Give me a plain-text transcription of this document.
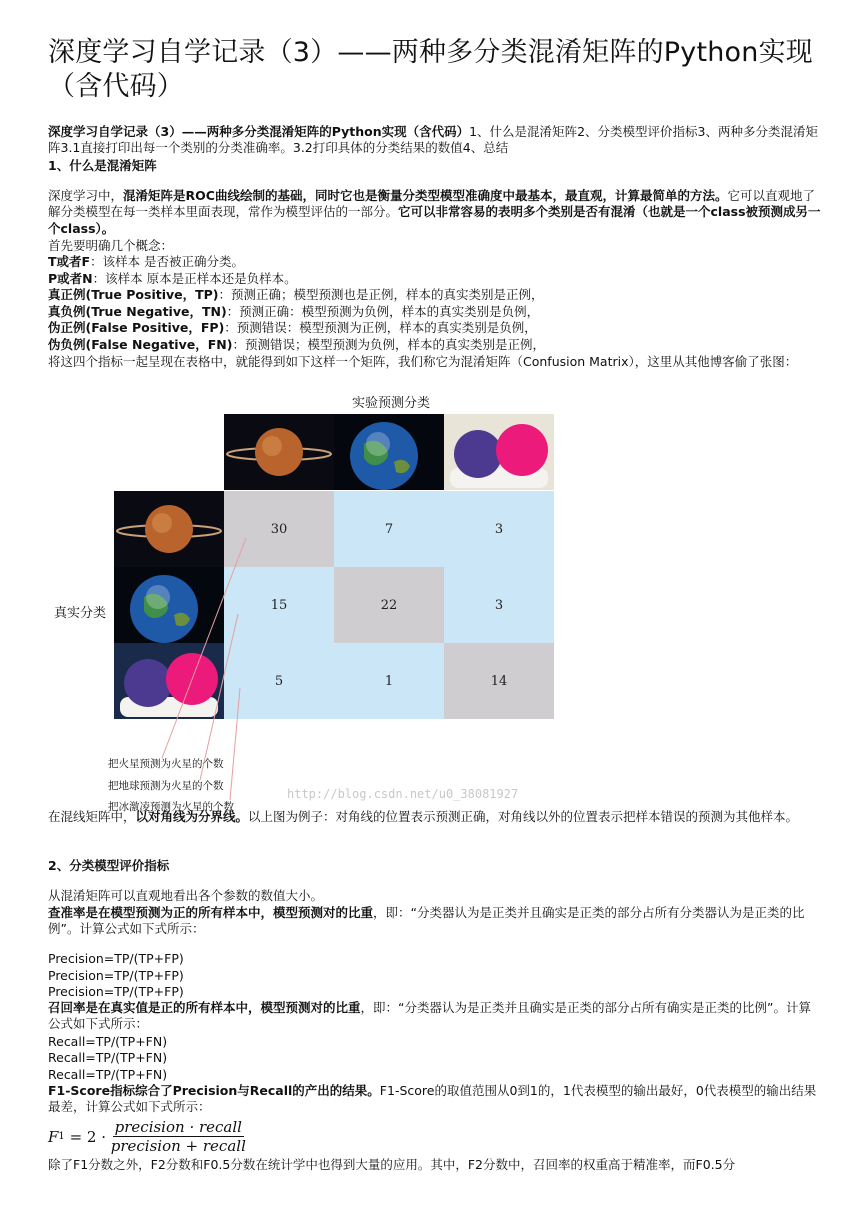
深度学习自学记录（3）——两种多分类混淆矩阵的Python实现（含代码）

深度学习自学记录（3）——两种多分类混淆矩阵的Python实现（含代码）1、什么是混淆矩阵2、分类模型评价指标3、两种多分类混淆矩阵3.1直接打印出每一个类别的分类准确率。3.2打印具体的分类结果的数值4、总结

1、什么是混淆矩阵

深度学习中，混淆矩阵是ROC曲线绘制的基础，同时它也是衡量分类型模型准确度中最基本，最直观，计算最简单的方法。它可以直观地了解分类模型在每一类样本里面表现，常作为模型评估的一部分。它可以非常容易的表明多个类别是否有混淆（也就是一个class被预测成另一个class）。

首先要明确几个概念：

T或者F：该样本 是否被正确分类。

P或者N：该样本 原本是正样本还是负样本。

真正例(True Positive，TP)：预测正确；模型预测也是正例，样本的真实类别是正例，

真负例(True Negative，TN)：预测正确：模型预测为负例，样本的真实类别是负例，

伪正例(False Positive，FP)：预测错误：模型预测为正例，样本的真实类别是负例，

伪负例(False Negative，FN)：预测错误；模型预测为负例，样本的真实类别是正例，

将这四个指标一起呈现在表格中，就能得到如下这样一个矩阵，我们称它为混淆矩阵（Confusion Matrix），这里从其他博客偷了张图：

实验预测分类
真实分类
30	7	3
15	22	3
5	1	14
把火星预测为火星的个数
把地球预测为火星的个数
把冰激凌预测为火星的个数
http://blog.csdn.net/u0_38081927

在混线矩阵中，以对角线为分界线。以上图为例子：对角线的位置表示预测正确，对角线以外的位置表示把样本错误的预测为其他样本。

2、分类模型评价指标

从混淆矩阵可以直观地看出各个参数的数值大小。

查准率是在模型预测为正的所有样本中，模型预测对的比重，即：“分类器认为是正类并且确实是正类的部分占所有分类器认为是正类的比例”。计算公式如下式所示：

Precision=TP/(TP+FP)

Precision=TP/(TP+FP)

Precision=TP/(TP+FP)

召回率是在真实值是正的所有样本中，模型预测对的比重，即：“分类器认为是正类并且确实是正类的部分占所有确实是正类的比例”。计算公式如下式所示：

Recall=TP/(TP+FN)

Recall=TP/(TP+FN)

Recall=TP/(TP+FN)

F1-Score指标综合了Precision与Recall的产出的结果。F1-Score的取值范围从0到1的，1代表模型的输出最好，0代表模型的输出结果最差，计算公式如下式所示：

F 1 = 2 ·
precision · recall
precision + recall

除了F1分数之外，F2分数和F0.5分数在统计学中也得到大量的应用。其中，F2分数中，召回率的权重高于精准率，而F0.5分
